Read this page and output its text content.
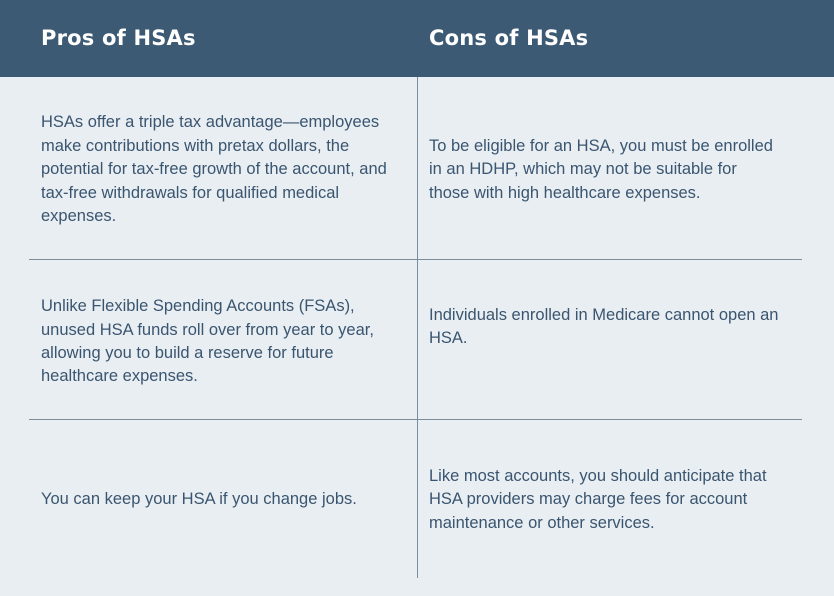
Pros of HSAs	Cons of HSAs
HSAs offer a triple tax advantage—employees make contributions with pretax dollars, the potential for tax-free growth of the account, and tax-free withdrawals for qualified medical expenses.
To be eligible for an HSA, you must be enrolled in an HDHP, which may not be suitable for those with high healthcare expenses.
Unlike Flexible Spending Accounts (FSAs), unused HSA funds roll over from year to year, allowing you to build a reserve for future healthcare expenses.
Individuals enrolled in Medicare cannot open an HSA.
You can keep your HSA if you change jobs.
Like most accounts, you should anticipate that HSA providers may charge fees for account maintenance or other services.
